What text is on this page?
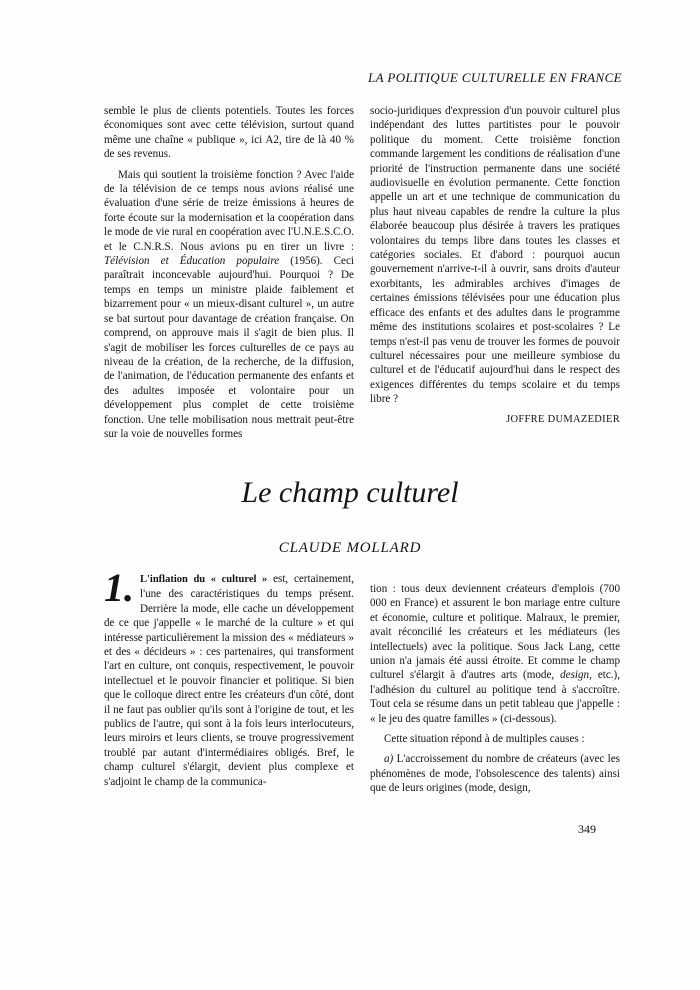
LA POLITIQUE CULTURELLE EN FRANCE

semble le plus de clients potentiels. Toutes les forces économiques sont avec cette télévision, surtout quand même une chaîne « publique », ici A2, tire de là 40 % de ses revenus.

Mais qui soutient la troisième fonction ? Avec l'aide de la télévision de ce temps nous avions réalisé une évaluation d'une série de treize émissions à heures de forte écoute sur la modernisation et la coopération dans le mode de vie rural en coopération avec l'U.N.E.S.C.O. et le C.N.R.S. Nous avions pu en tirer un livre : Télévision et Éducation populaire (1956). Ceci paraîtrait inconcevable aujourd'hui. Pourquoi ? De temps en temps un ministre plaide faiblement et bizarrement pour « un mieux-disant culturel », un autre se bat surtout pour davantage de création française. On comprend, on approuve mais il s'agit de bien plus. Il s'agit de mobiliser les forces culturelles de ce pays au niveau de la création, de la recherche, de la diffusion, de l'animation, de l'éducation permanente des enfants et des adultes imposée et volontaire pour un développement plus complet de cette troisième fonction. Une telle mobilisation nous mettrait peut-être sur la voie de nouvelles formes

socio-juridiques d'expression d'un pouvoir culturel plus indépendant des luttes partitistes pour le pouvoir politique du moment. Cette troisième fonction commande largement les conditions de réalisation d'une priorité de l'instruction permanente dans une société audiovisuelle en évolution permanente. Cette fonction appelle un art et une technique de communication du plus haut niveau capables de rendre la culture la plus élaborée beaucoup plus désirée à travers les pratiques volontaires du temps libre dans toutes les classes et catégories sociales. Et d'abord : pourquoi aucun gouvernement n'arrive-t-il à ouvrir, sans droits d'auteur exorbitants, les admirables archives d'images de certaines émissions télévisées pour une éducation plus efficace des enfants et des adultes dans le programme même des institutions scolaires et post-scolaires ? Le temps n'est-il pas venu de trouver les formes de pouvoir culturel nécessaires pour une meilleure symbiose du culturel et de l'éducatif aujourd'hui dans le respect des exigences différentes du temps scolaire et du temps libre ?

JOFFRE DUMAZEDIER
Le champ culturel
CLAUDE MOLLARD

1. L'inflation du « culturel » est, certainement, l'une des caractéristiques du temps présent. Derrière la mode, elle cache un développement de ce que j'appelle « le marché de la culture » et qui intéresse particulièrement la mission des « médiateurs » et des « décideurs » : ces partenaires, qui transforment l'art en culture, ont conquis, respectivement, le pouvoir intellectuel et le pouvoir financier et politique. Si bien que le colloque direct entre les créateurs d'un côté, dont il ne faut pas oublier qu'ils sont à l'origine de tout, et les publics de l'autre, qui sont à la fois leurs interlocuteurs, leurs miroirs et leurs clients, se trouve progressivement troublé par autant d'intermédiaires obligés. Bref, le champ culturel s'élargit, devient plus complexe et s'adjoint le champ de la communica-

tion : tous deux deviennent créateurs d'emplois (700 000 en France) et assurent le bon mariage entre culture et économie, culture et politique. Malraux, le premier, avait réconcilié les créateurs et les médiateurs (les intellectuels) avec la politique. Sous Jack Lang, cette union n'a jamais été aussi étroite. Et comme le champ culturel s'élargit à d'autres arts (mode, design, etc.), l'adhésion du culturel au politique tend à s'accroître. Tout cela se résume dans un petit tableau que j'appelle : « le jeu des quatre familles » (ci-dessous).

Cette situation répond à de multiples causes :

a) L'accroissement du nombre de créateurs (avec les phénomènes de mode, l'obsolescence des talents) ainsi que de leurs origines (mode, design,

349
